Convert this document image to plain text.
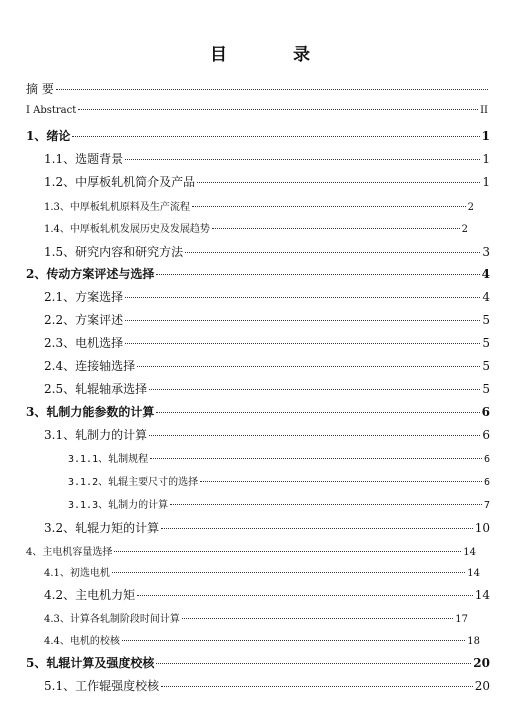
目	录
摘 要
I Abstract	II
1、绪论	1
1.1、选题背景	1
1.2、中厚板轧机简介及产品	1
1.3、中厚板轧机原料及生产流程	2
1.4、中厚板轧机发展历史及发展趋势	2
1.5、研究内容和研究方法	3
2、传动方案评述与选择	4
2.1、方案选择	4
2.2、方案评述	5
2.3、电机选择	5
2.4、连接轴选择	5
2.5、轧辊轴承选择	5
3、轧制力能参数的计算	6
3.1、轧制力的计算	6
3.1.1、轧制规程	6
3.1.2、轧辊主要尺寸的选择	6
3.1.3、轧制力的计算	7
3.2、轧辊力矩的计算	10
4、主电机容量选择	14
4.1、初选电机	14
4.2、主电机力矩	14
4.3、计算各轧制阶段时间计算	17
4.4、电机的校核	18
5、轧辊计算及强度校核	20
5.1、工作辊强度校核	20
